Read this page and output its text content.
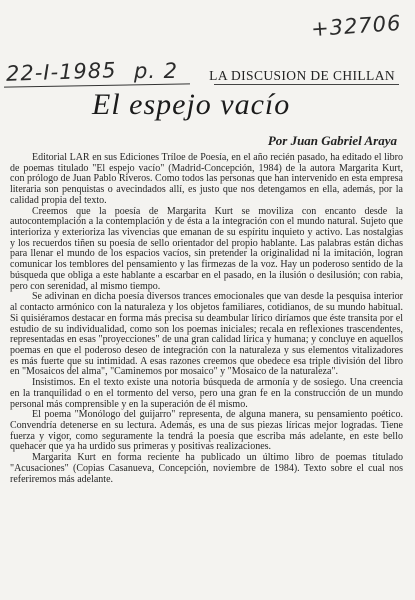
+32706
22-I-1985 p. 2 LA DISCUSION DE CHILLAN
El espejo vacío
Por Juan Gabriel Araya

Editorial LAR en sus Ediciones Tríloe de Poesía, en el año recién pasado, ha editado el libro de poemas titulado "El espejo vacío" (Madrid-Concepción, 1984) de la autora Margarita Kurt, con prólogo de Juan Pablo Riveros. Como todos las personas que han intervenido en esta empresa literaria son penquistas o avecindados allí, es justo que nos detengamos en ella, además, por la calidad propia del texto.

Creemos que la poesía de Margarita Kurt se moviliza con encanto desde la autocontemplación a la contemplación y de ésta a la integración con el mundo natural. Sujeto que interioriza y exterioriza las vivencias que emanan de su espíritu inquieto y activo. Las nostalgias y los recuerdos tiñen su poesía de sello orientador del propio hablante. Las palabras están dichas para llenar el mundo de los espacios vacíos, sin pretender la originalidad ni la imitación, logran comunicar los temblores del pensamiento y las firmezas de la voz. Hay un poderoso sentido de la búsqueda que obliga a este hablante a escarbar en el pasado, en la ilusión o desilusión; con rabia, pero con serenidad, al mismo tiempo.

Se adivinan en dicha poesía diversos trances emocionales que van desde la pesquisa interior al contacto armónico con la naturaleza y los objetos familiares, cotidianos, de su mundo habitual. Si quisiéramos destacar en forma más precisa su deambular lírico diríamos que éste transita por el estudio de su individualidad, como son los poemas iniciales; recala en reflexiones trascendentes, representadas en esas "proyecciones" de una gran calidad lírica y humana; y concluye en aquellos poemas en que el poderoso deseo de integración con la naturaleza y sus elementos vitalizadores es más fuerte que su intimidad. A esas razones creemos que obedece esa triple división del libro en "Mosaicos del alma", "Caminemos por mosaico" y "Mosaico de la naturaleza".

Insistimos. En el texto existe una notoria búsqueda de armonía y de sosiego. Una creencia en la tranquilidad o en el tormento del verso, pero una gran fe en la construcción de un mundo personal más comprensible y en la superación de él mismo.

El poema "Monólogo del guijarro" representa, de alguna manera, su pensamiento poético. Convendría detenerse en su lectura. Además, es una de sus piezas líricas mejor logradas. Tiene fuerza y vigor, como seguramente la tendrá la poesía que escriba más adelante, en este bello quehacer que ya ha urdido sus primeras y positivas realizaciones.

Margarita Kurt en forma reciente ha publicado un último libro de poemas titulado "Acusaciones" (Copias Casanueva, Concepción, noviembre de 1984). Texto sobre el cual nos referiremos más adelante.
